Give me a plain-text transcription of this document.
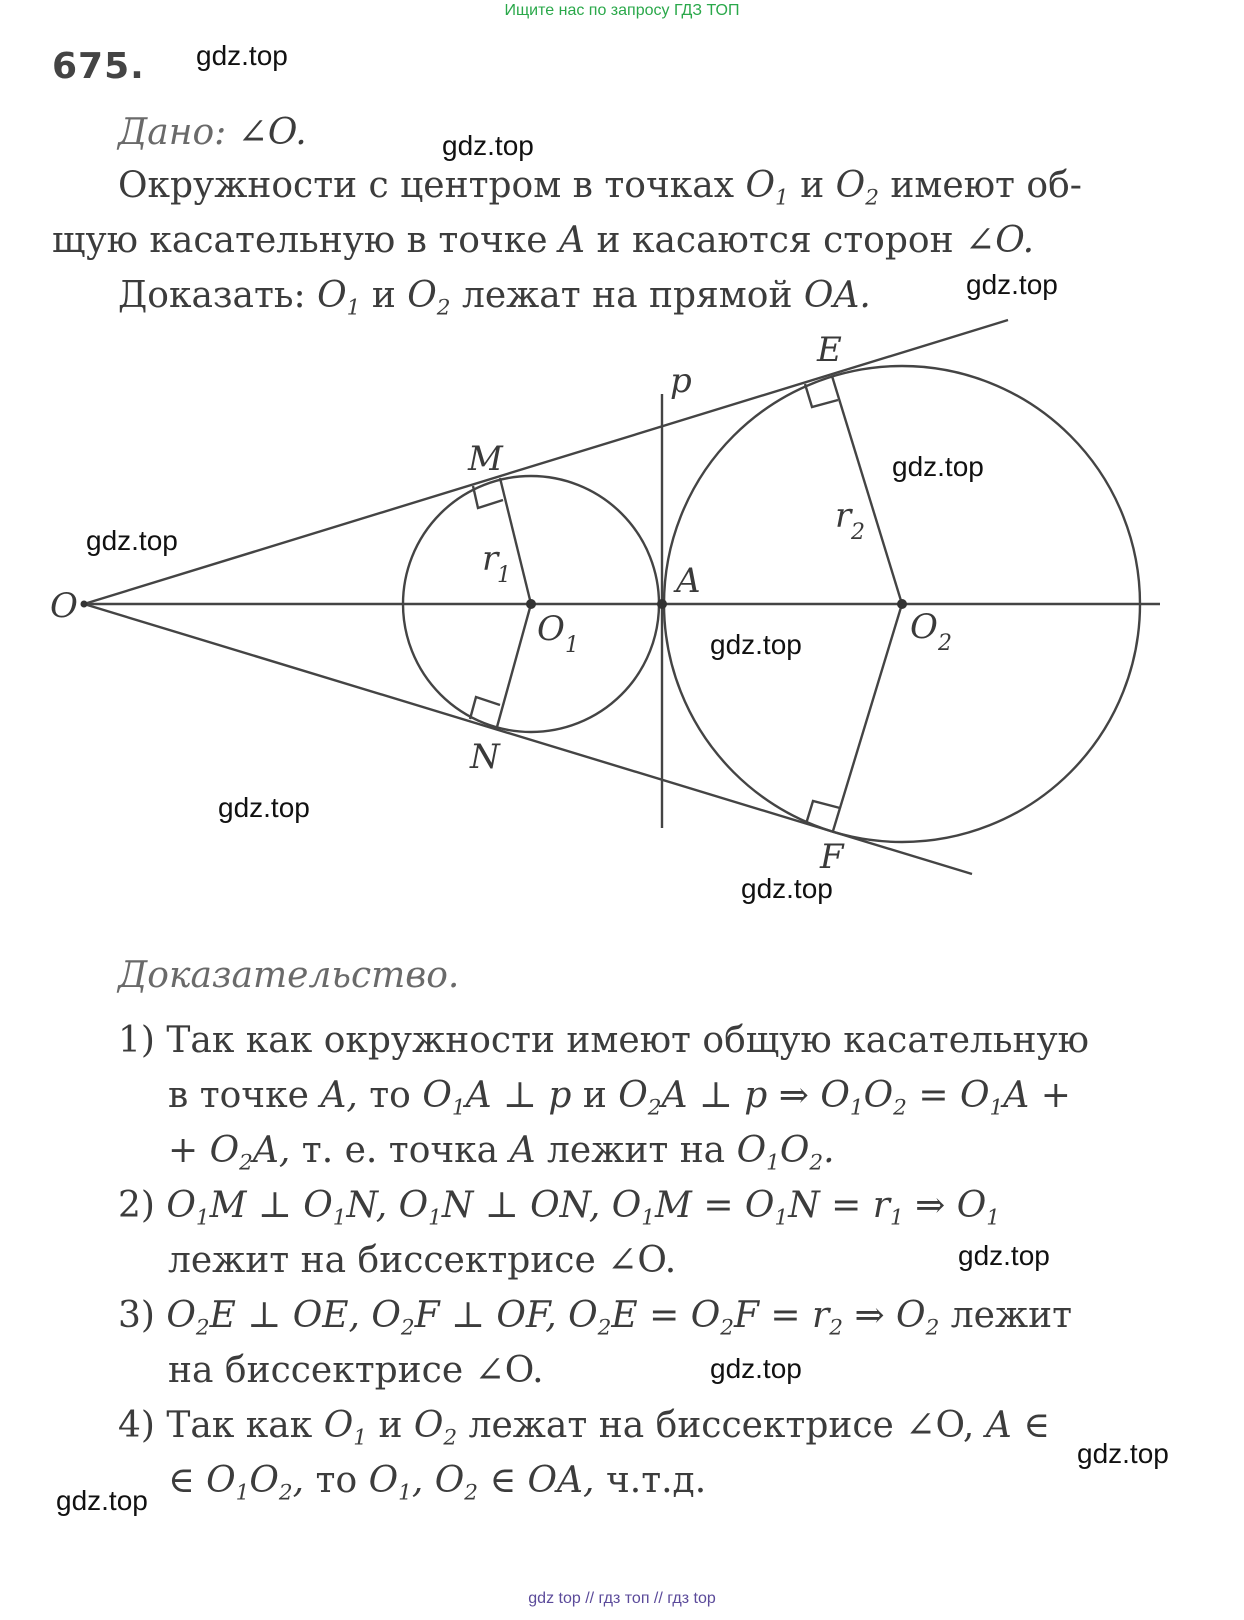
Ищите нас по запросу ГДЗ ТОП
675. gdz.top
gdz.top
gdz.top
gdz.top
gdz.top
gdz.top
gdz.top
gdz.top
gdz.top
gdz.top
gdz.top
gdz.top
Дано: ∠O.
Окружности с центром в точках $O_1$ и $O_2$ имеют об-
щую касательную в точке A и касаются сторон ∠O.
Доказать: $O_1$ и $O_2$ лежат на прямой OA.
O
M
N
E
F
A
p
O 1	O 2
r
1
r 2
Доказательство.
1) Так как окружности имеют общую касательную
в точке A, то $O_1A$ ⊥ p и $O_2A$ ⊥ p ⇒ $O_1O_2 = O_1A$ +
+ $O_2A$, т. е. точка A лежит на $O_1O_2$.
2) $O_1M$ ⊥ $O_1N$, $O_1N$ ⊥ ON, $O_1M = O_1N = r_1$ ⇒ $O_1$
лежит на биссектрисе ∠O.
3) $O_2E$ ⊥ OE, $O_2F$ ⊥ OF, $O_2E = O_2F = r_2$ ⇒ $O_2$ лежит
на биссектрисе ∠O.
4) Так как $O_1$ и $O_2$ лежат на биссектрисе ∠O, A ∈
∈ $O_1O_2$, то $O_1$, $O_2$ ∈ OA, ч.т.д.
gdz top // гдз топ // гдз top
